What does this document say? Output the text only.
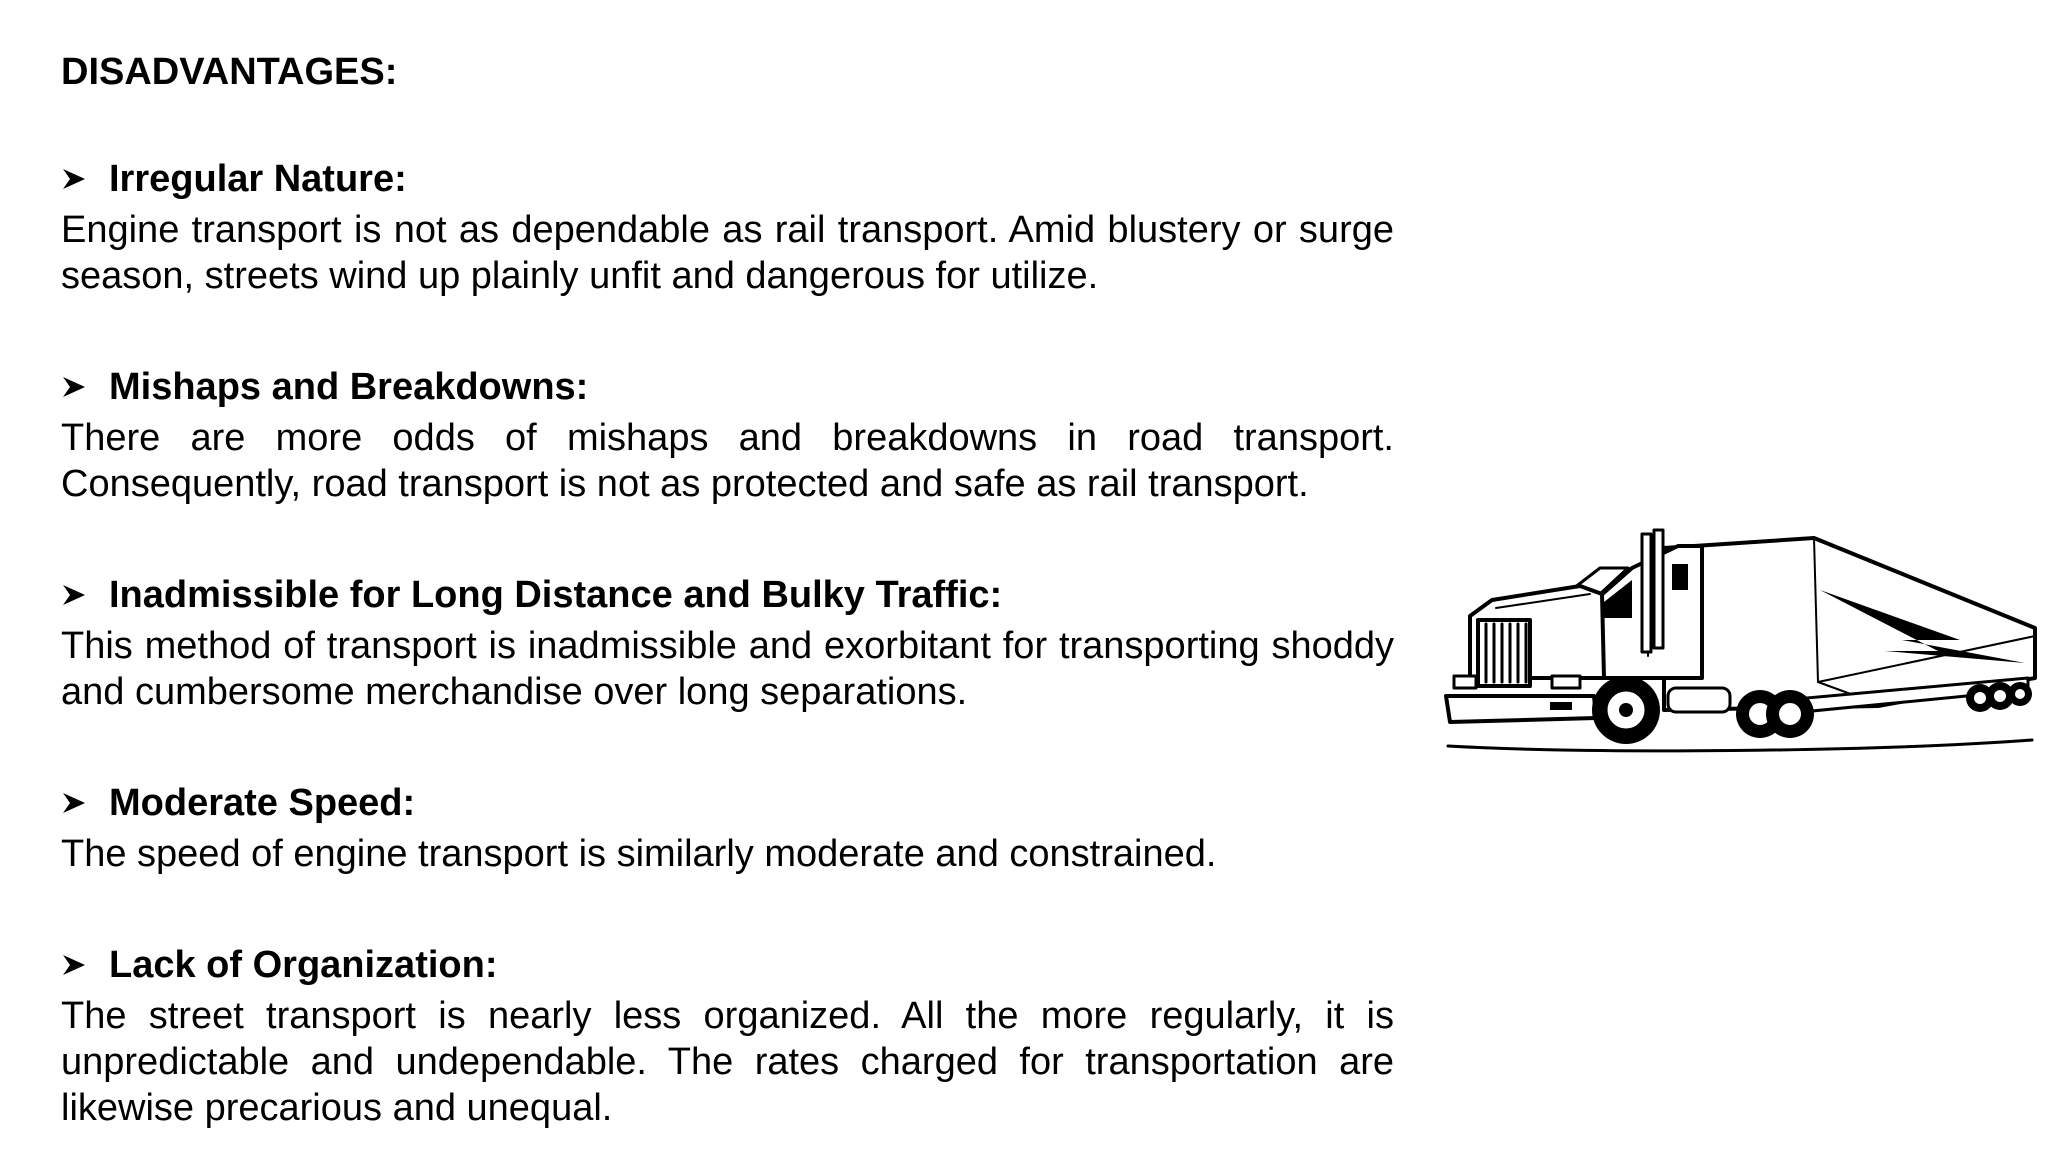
DISADVANTAGES:
Irregular Nature:

Engine transport is not as dependable as rail transport. Amid blustery or surge season, streets wind up plainly unfit and dangerous for utilize.

Mishaps and Breakdowns:

There are more odds of mishaps and breakdowns in road transport. Consequently, road transport is not as protected and safe as rail transport.

Inadmissible for Long Distance and Bulky Traffic:

This method of transport is inadmissible and exorbitant for transporting shoddy and cumbersome merchandise over long separations.

Moderate Speed:

The speed of engine transport is similarly moderate and constrained.

Lack of Organization:

The street transport is nearly less organized. All the more regularly, it is unpredictable and undependable. The rates charged for transportation are likewise precarious and unequal.
